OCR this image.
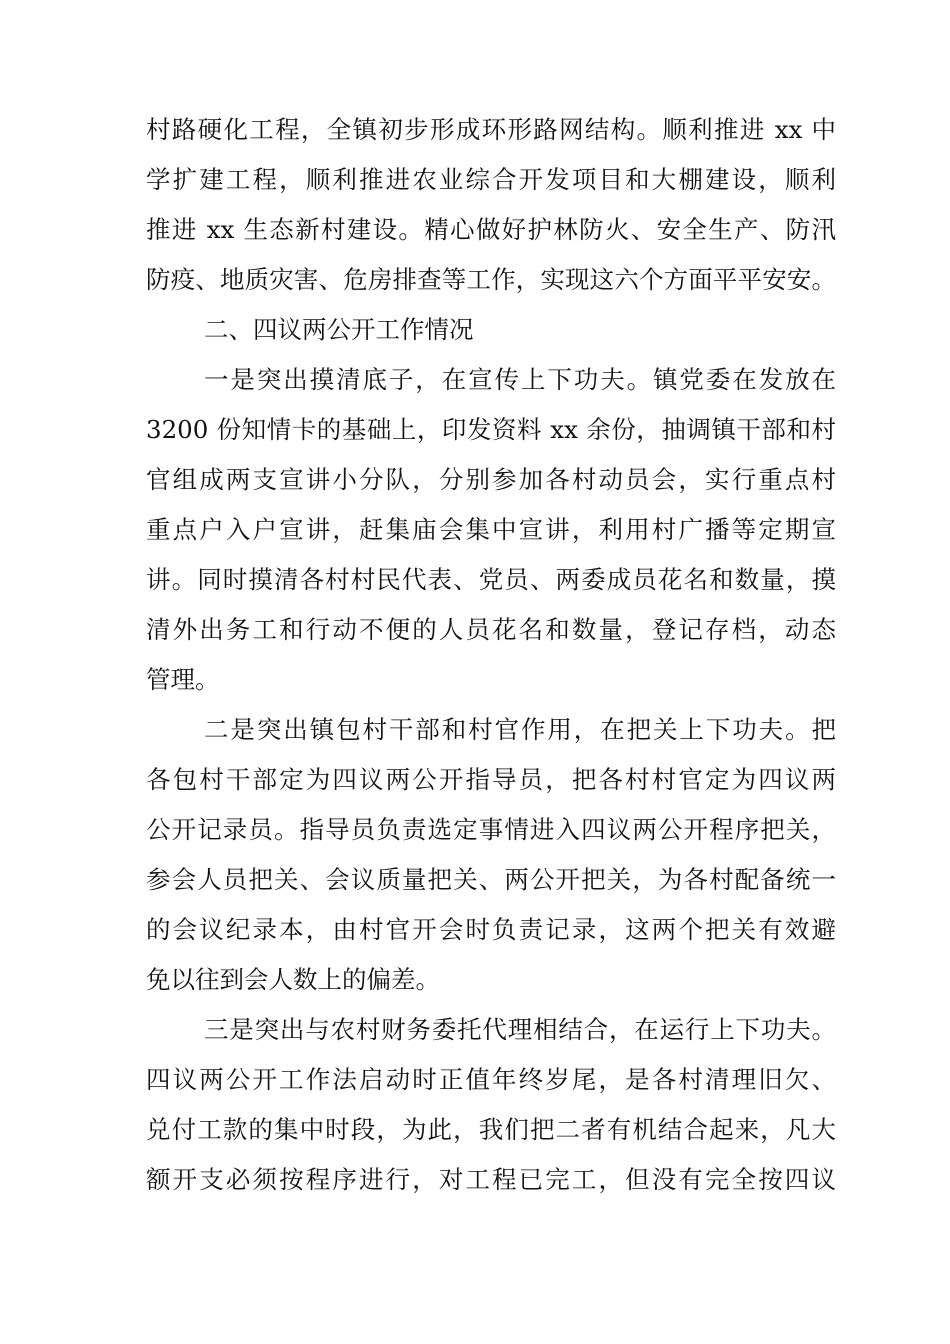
村路硬化工程，全镇初步形成环形路网结构。顺利推进 xx 中
学扩建工程，顺利推进农业综合开发项目和大棚建设，顺利
推进 xx 生态新村建设。精心做好护林防火、安全生产、防汛
防疫、地质灾害、危房排查等工作，实现这六个方面平平安安。
二、四议两公开工作情况
一是突出摸清底子，在宣传上下功夫。镇党委在发放在
3200 份知情卡的基础上，印发资料 xx 余份，抽调镇干部和村
官组成两支宣讲小分队，分别参加各村动员会，实行重点村
重点户入户宣讲，赶集庙会集中宣讲，利用村广播等定期宣
讲。同时摸清各村村民代表、党员、两委成员花名和数量，摸
清外出务工和行动不便的人员花名和数量，登记存档，动态
管理。
二是突出镇包村干部和村官作用，在把关上下功夫。把
各包村干部定为四议两公开指导员，把各村村官定为四议两
公开记录员。指导员负责选定事情进入四议两公开程序把关，
参会人员把关、会议质量把关、两公开把关，为各村配备统一
的会议纪录本，由村官开会时负责记录，这两个把关有效避
免以往到会人数上的偏差。
三是突出与农村财务委托代理相结合，在运行上下功夫。
四议两公开工作法启动时正值年终岁尾，是各村清理旧欠、
兑付工款的集中时段，为此，我们把二者有机结合起来，凡大
额开支必须按程序进行，对工程已完工，但没有完全按四议
